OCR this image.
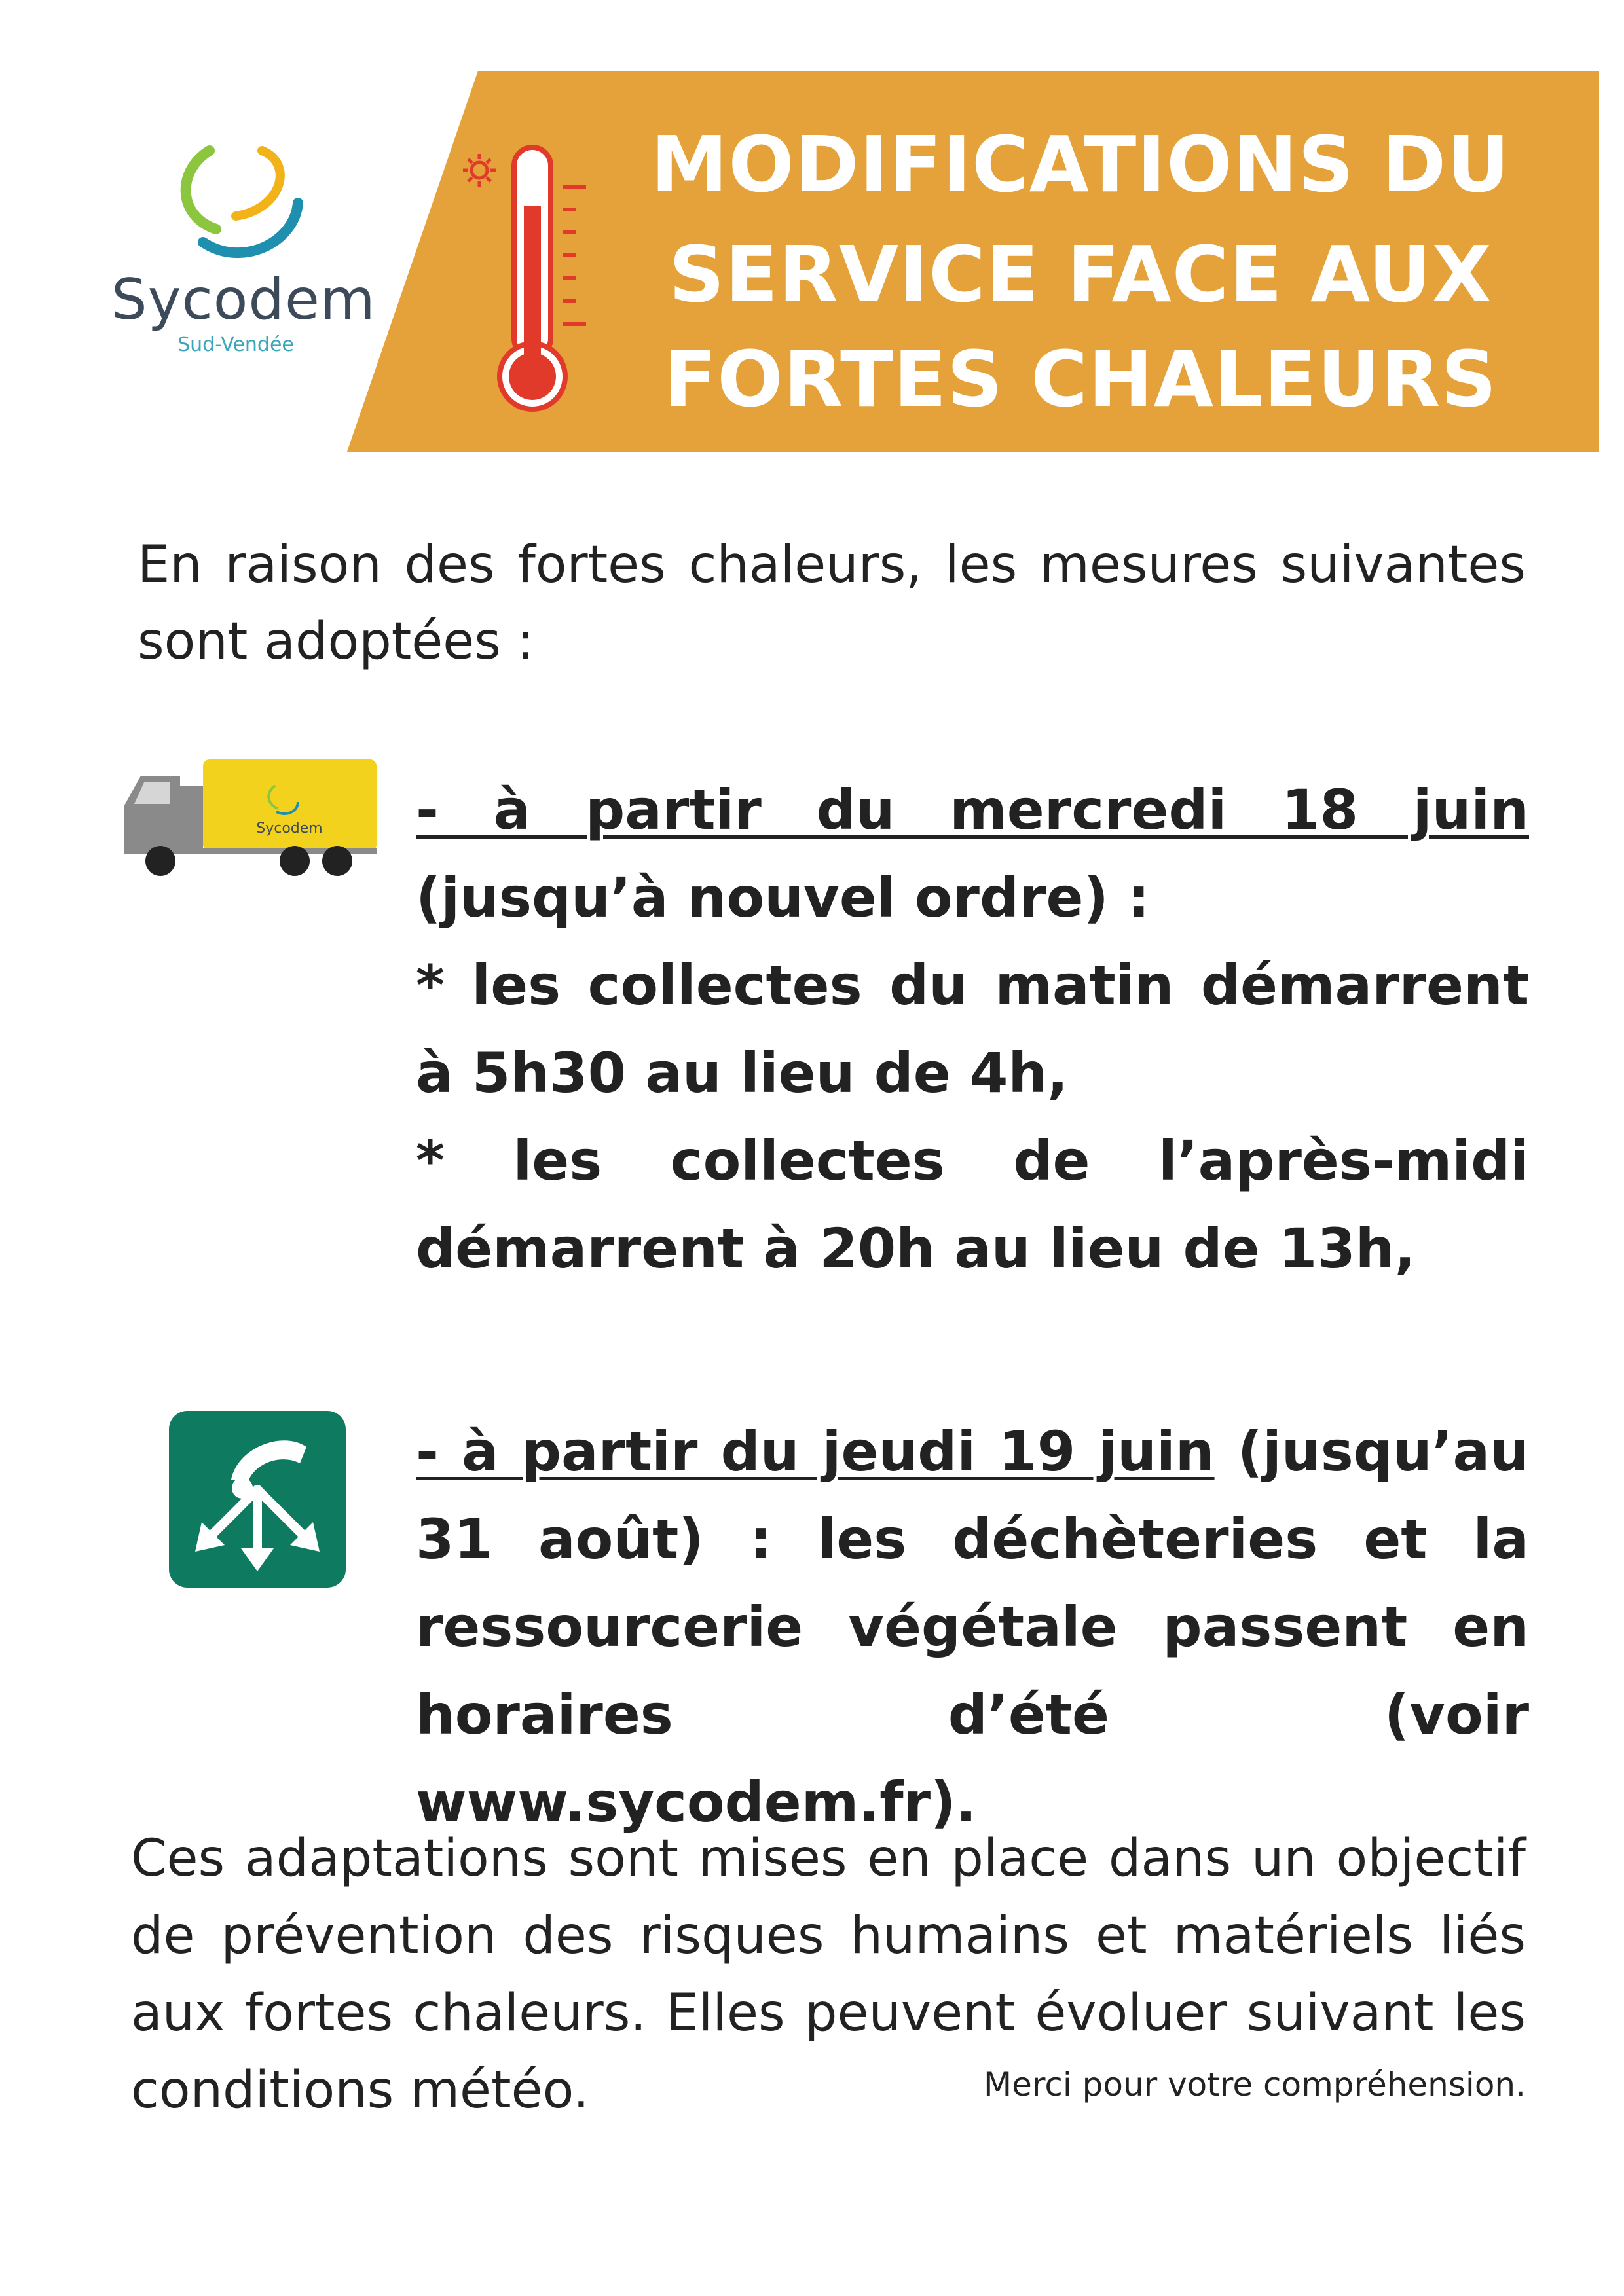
Sycodem
Sud-Vendée
MODIFICATIONS DU
SERVICE FACE AUX
FORTES CHALEURS
En raison des fortes chaleurs, les mesures suivantes sont adoptées :
Sycodem - à partir du mercredi 18 juin (jusqu’à nouvel ordre) :
* les collectes du matin démarrent à 5h30 au lieu de 4h,
* les collectes de l’après-midi démarrent à 20h au lieu de 13h,
- à partir du jeudi 19 juin (jusqu’au 31 août) : les déchèteries et la ressourcerie végétale passent en horaires d’été (voir www.sycodem.fr).
Ces adaptations sont mises en place dans un objectif de prévention des risques humains et matériels liés aux fortes chaleurs. Elles peuvent évoluer suivant les conditions météo.	Merci pour votre compréhension.
